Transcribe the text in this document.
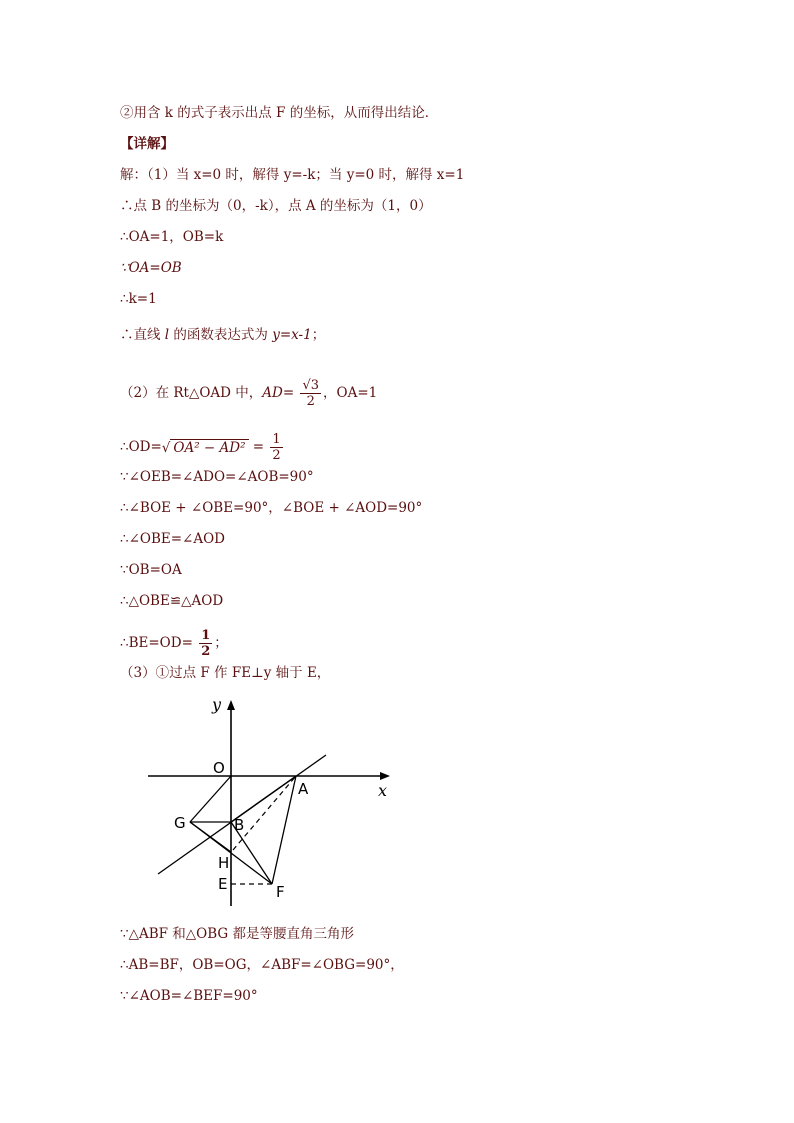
②用含 k 的式子表示出点 F 的坐标，从而得出结论．
【详解】
解：（1）当 x=0 时，解得 y=-k；当 y=0 时，解得 x=1
∴点 B 的坐标为（0，-k），点 A 的坐标为（1，0）
∴OA=1，OB=k
∵OA=OB
∴k=1
∴直线 l 的函数表达式为 y=x-1；
（2）在 Rt△OAD 中，$AD= \frac{√3}{2}$ ，OA=1
∴OD=√ $OA^2 - AD^2 = \frac{1}{2}$
∵∠OEB=∠ADO=∠AOB=90°
∴∠BOE + ∠OBE=90°，∠BOE + ∠AOD=90°
∴∠OBE=∠AOD
∵OB=OA
∴△OBE≌△AOD
∴BE=OD= $\frac{1}{2}$ ；
（3）①过点 F 作 FE⊥y 轴于 E，
y
x
O
A
B
G
H
E	F
∵△ABF 和△OBG 都是等腰直角三角形
∴AB=BF，OB=OG，∠ABF=∠OBG=90°，
∵∠AOB=∠BEF=90°
